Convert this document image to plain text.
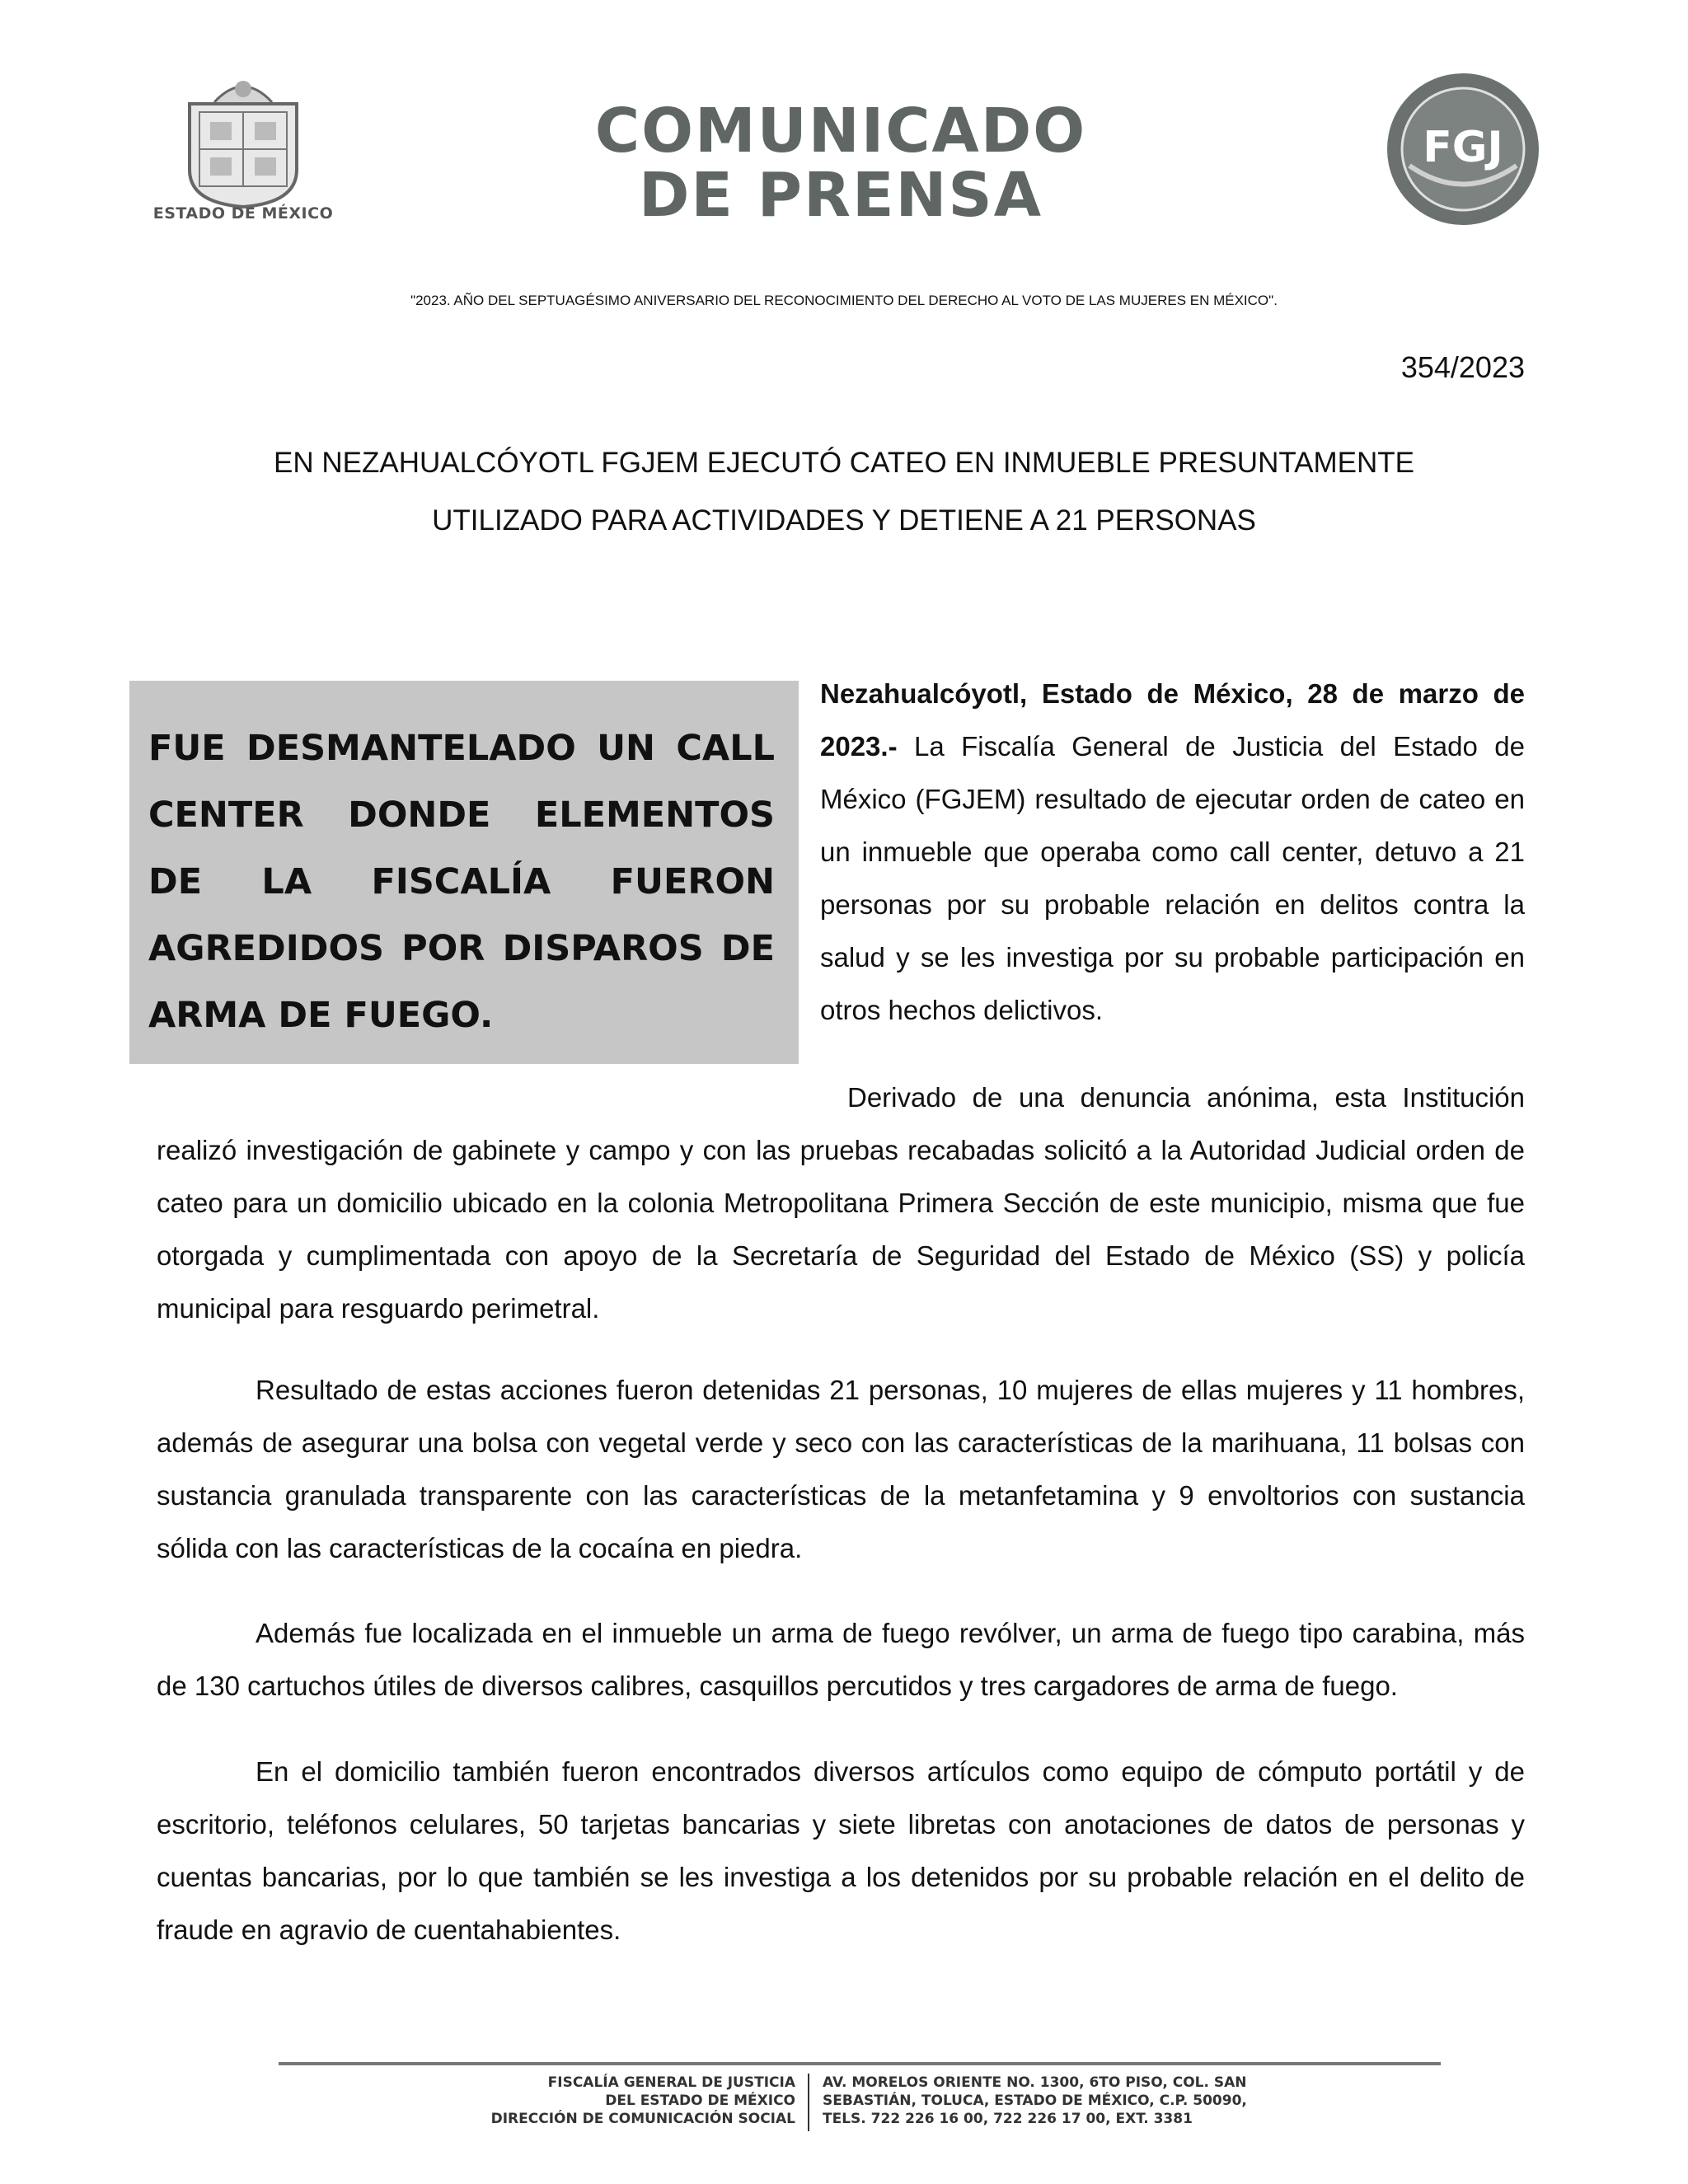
ESTADO DE MÉXICO
COMUNICADO
DE PRENSA
FGJ
"2023. AÑO DEL SEPTUAGÉSIMO ANIVERSARIO DEL RECONOCIMIENTO DEL DERECHO AL VOTO DE LAS MUJERES EN MÉXICO".
354/2023
EN NEZAHUALCÓYOTL FGJEM EJECUTÓ CATEO EN INMUEBLE PRESUNTAMENTE
UTILIZADO PARA ACTIVIDADES Y DETIENE A 21 PERSONAS
FUE DESMANTELADO UN CALL CENTER DONDE ELEMENTOS DE LA FISCALÍA FUERON AGREDIDOS POR DISPAROS DE ARMA DE FUEGO.
Nezahualcóyotl, Estado de México, 28 de marzo de 2023.- La Fiscalía General de Justicia del Estado de México (FGJEM) resultado de ejecutar orden de cateo en un inmueble que operaba como call center, detuvo a 21 personas por su probable relación en delitos contra la salud y se les investiga por su probable participación en otros hechos delictivos.
Derivado de una denuncia anónima, esta Institución realizó investigación de gabinete y campo y con las pruebas recabadas solicitó a la Autoridad Judicial orden de cateo para un domicilio ubicado en la colonia Metropolitana Primera Sección de este municipio, misma que fue otorgada y cumplimentada con apoyo de la Secretaría de Seguridad del Estado de México (SS) y policía municipal para resguardo perimetral.
Resultado de estas acciones fueron detenidas 21 personas, 10 mujeres de ellas mujeres y 11 hombres, además de asegurar una bolsa con vegetal verde y seco con las características de la marihuana, 11 bolsas con sustancia granulada transparente con las características de la metanfetamina y 9 envoltorios con sustancia sólida con las características de la cocaína en piedra.
Además fue localizada en el inmueble un arma de fuego revólver, un arma de fuego tipo carabina, más de 130 cartuchos útiles de diversos calibres, casquillos percutidos y tres cargadores de arma de fuego.
En el domicilio también fueron encontrados diversos artículos como equipo de cómputo portátil y de escritorio, teléfonos celulares, 50 tarjetas bancarias y siete libretas con anotaciones de datos de personas y cuentas bancarias, por lo que también se les investiga a los detenidos por su probable relación en el delito de fraude en agravio de cuentahabientes.
FISCALÍA GENERAL DE JUSTICIA
DEL ESTADO DE MÉXICO
DIRECCIÓN DE COMUNICACIÓN SOCIAL
AV. MORELOS ORIENTE NO. 1300, 6TO PISO, COL. SAN
SEBASTIÁN, TOLUCA, ESTADO DE MÉXICO, C.P. 50090,
TELS. 722 226 16 00, 722 226 17 00, EXT. 3381
